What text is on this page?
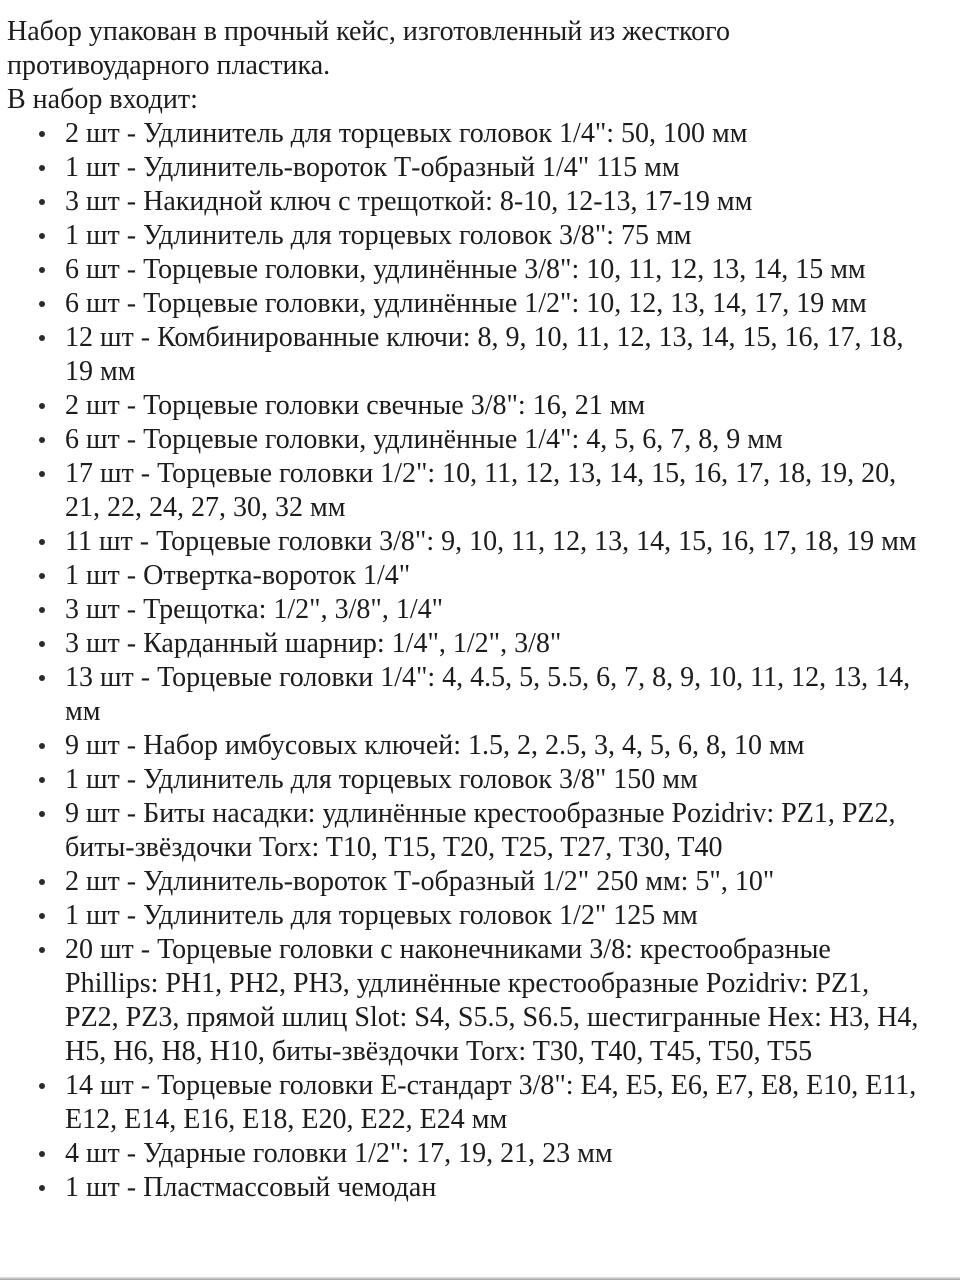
Набор упакован в прочный кейс, изготовленный из жесткого

противоударного пластика.

В набор входит:

2 шт - Удлинитель для торцевых головок 1/4": 50, 100 мм
1 шт - Удлинитель-вороток Т-образный 1/4" 115 мм
3 шт - Накидной ключ с трещоткой: 8-10, 12-13, 17-19 мм
1 шт - Удлинитель для торцевых головок 3/8": 75 мм
6 шт - Торцевые головки, удлинённые 3/8": 10, 11, 12, 13, 14, 15 мм
6 шт - Торцевые головки, удлинённые 1/2": 10, 12, 13, 14, 17, 19 мм
12 шт - Комбинированные ключи: 8, 9, 10, 11, 12, 13, 14, 15, 16, 17, 18, 19 мм
2 шт - Торцевые головки свечные 3/8": 16, 21 мм
6 шт - Торцевые головки, удлинённые 1/4": 4, 5, 6, 7, 8, 9 мм
17 шт - Торцевые головки 1/2": 10, 11, 12, 13, 14, 15, 16, 17, 18, 19, 20, 21, 22, 24, 27, 30, 32 мм
11 шт - Торцевые головки 3/8": 9, 10, 11, 12, 13, 14, 15, 16, 17, 18, 19 мм
1 шт - Отвертка-вороток 1/4"
3 шт - Трещотка: 1/2", 3/8", 1/4"
3 шт - Карданный шарнир: 1/4", 1/2", 3/8"
13 шт - Торцевые головки 1/4": 4, 4.5, 5, 5.5, 6, 7, 8, 9, 10, 11, 12, 13, 14, мм
9 шт - Набор имбусовых ключей: 1.5, 2, 2.5, 3, 4, 5, 6, 8, 10 мм
1 шт - Удлинитель для торцевых головок 3/8" 150 мм
9 шт - Биты насадки: удлинённые крестообразные Pozidriv: PZ1, PZ2, биты-звёздочки Torx: T10, T15, T20, T25, T27, T30, T40
2 шт - Удлинитель-вороток Т-образный 1/2" 250 мм: 5", 10"
1 шт - Удлинитель для торцевых головок 1/2" 125 мм
20 шт - Торцевые головки с наконечниками 3/8: крестообразные Phillips: PH1, PH2, PH3, удлинённые крестообразные Pozidriv: PZ1, PZ2, PZ3, прямой шлиц Slot: S4, S5.5, S6.5, шестигранные Hex: H3, H4, H5, H6, H8, H10, биты-звёздочки Torx: T30, T40, T45, T50, T55
14 шт - Торцевые головки Е-стандарт 3/8": E4, E5, E6, E7, E8, E10, E11, E12, E14, E16, E18, E20, E22, E24 мм
4 шт - Ударные головки 1/2": 17, 19, 21, 23 мм
1 шт - Пластмассовый чемодан
